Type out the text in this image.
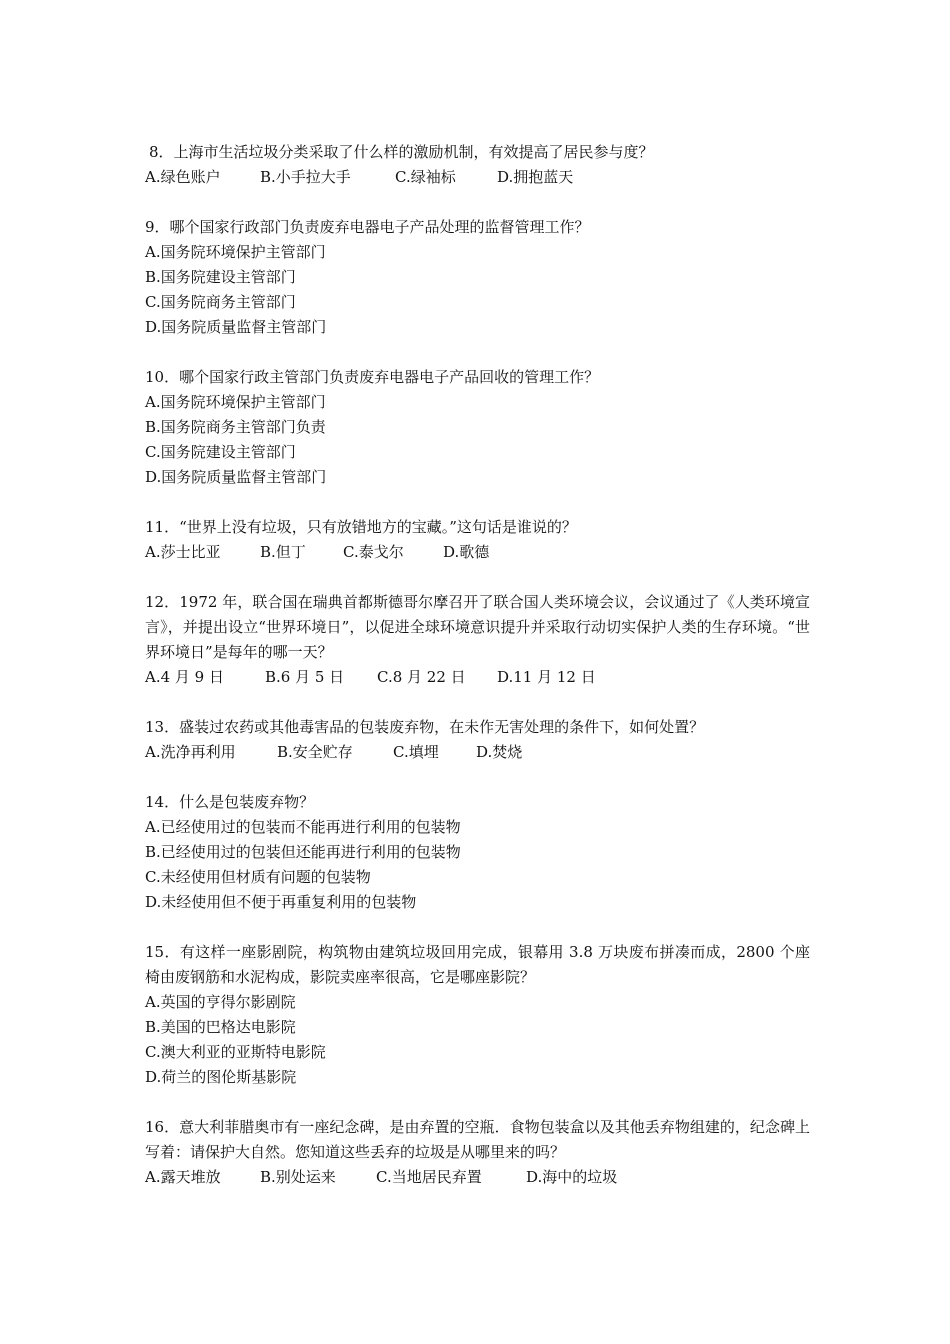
8．上海市生活垃圾分类采取了什么样的激励机制，有效提高了居民参与度？
A.绿色账户	B.小手拉大手	C.绿袖标	D.拥抱蓝天
9．哪个国家行政部门负责废弃电器电子产品处理的监督管理工作？
A.国务院环境保护主管部门
B.国务院建设主管部门
C.国务院商务主管部门
D.国务院质量监督主管部门
10．哪个国家行政主管部门负责废弃电器电子产品回收的管理工作？
A.国务院环境保护主管部门
B.国务院商务主管部门负责
C.国务院建设主管部门
D.国务院质量监督主管部门
11．“世界上没有垃圾，只有放错地方的宝藏。”这句话是谁说的？
A.莎士比亚	B.但丁	C.泰戈尔	D.歌德
12．1972 年，联合国在瑞典首都斯德哥尔摩召开了联合国人类环境会议，会议通过了《人类环境宣言》，并提出设立“世界环境日”，以促进全球环境意识提升并采取行动切实保护人类的生存环境。“世界环境日”是每年的哪一天？
A.4 月 9 日	B.6 月 5 日	C.8 月 22 日	D.11 月 12 日
13．盛装过农药或其他毒害品的包装废弃物，在未作无害处理的条件下，如何处置？
A.洗净再利用	B.安全贮存	C.填埋	D.焚烧
14．什么是包装废弃物？
A.已经使用过的包装而不能再进行利用的包装物
B.已经使用过的包装但还能再进行利用的包装物
C.未经使用但材质有问题的包装物
D.未经使用但不便于再重复利用的包装物
15．有这样一座影剧院，构筑物由建筑垃圾回用完成，银幕用 3.8 万块废布拼凑而成，2800 个座椅由废钢筋和水泥构成，影院卖座率很高，它是哪座影院？
A.英国的亨得尔影剧院
B.美国的巴格达电影院
C.澳大利亚的亚斯特电影院
D.荷兰的图伦斯基影院
16．意大利菲腊奥市有一座纪念碑，是由弃置的空瓶．食物包装盒以及其他丢弃物组建的，纪念碑上写着：请保护大自然。您知道这些丢弃的垃圾是从哪里来的吗？
A.露天堆放	B.别处运来	C.当地居民弃置	D.海中的垃圾
